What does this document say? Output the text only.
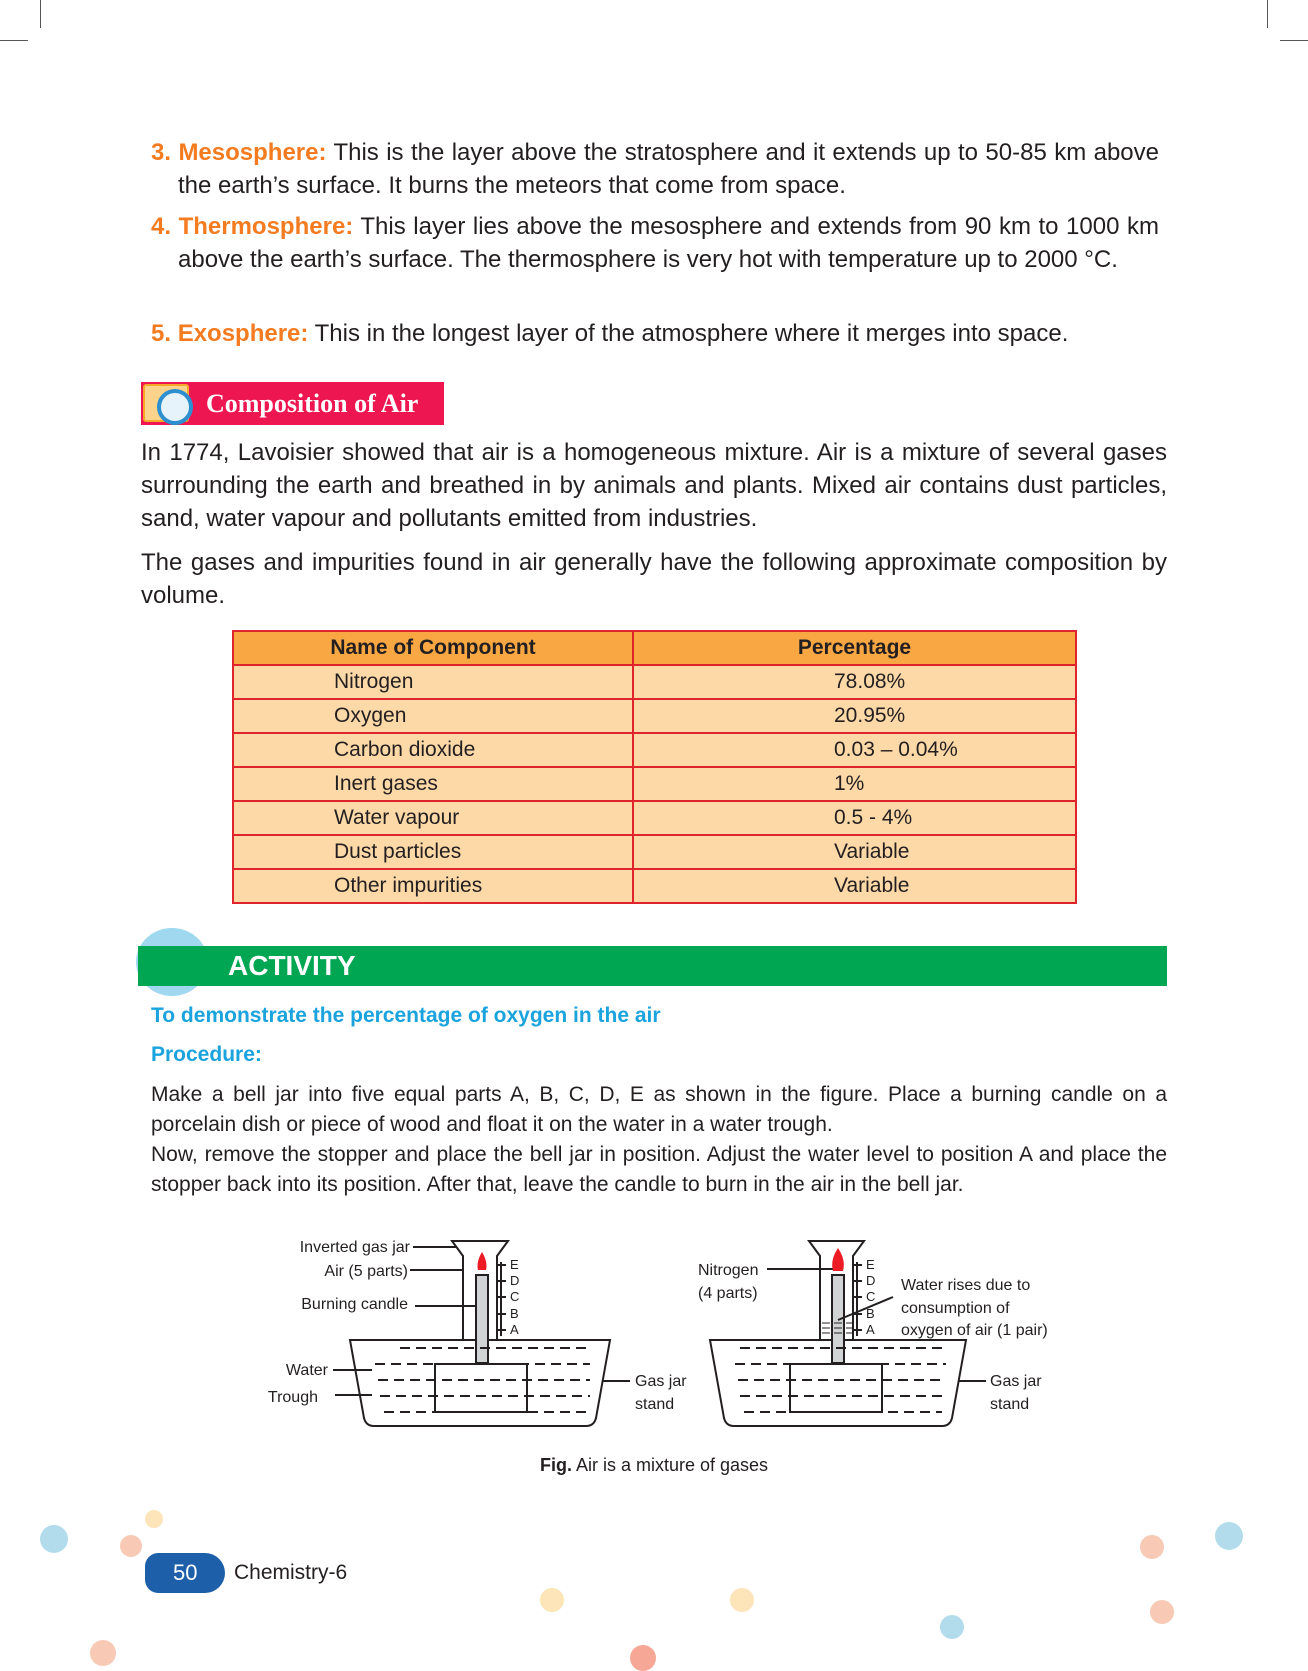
3. Mesosphere: This is the layer above the stratosphere and it extends up to 50-85 km above the earth’s surface. It burns the meteors that come from space.

4. Thermosphere: This layer lies above the mesosphere and extends from 90 km to 1000 km above the earth’s surface. The thermosphere is very hot with temperature up to 2000 °C.

5. Exosphere: This in the longest layer of the atmosphere where it merges into space.

Composition of Air

In 1774, Lavoisier showed that air is a homogeneous mixture. Air is a mixture of several gases surrounding the earth and breathed in by animals and plants. Mixed air contains dust particles, sand, water vapour and pollutants emitted from industries.

The gases and impurities found in air generally have the following approximate composition by volume.

Name of Component	Percentage
Nitrogen	78.08%
Oxygen	20.95%
Carbon dioxide	0.03 – 0.04%
Inert gases	1%
Water vapour	0.5 - 4%
Dust particles	Variable
Other impurities	Variable
ACTIVITY
To demonstrate the percentage of oxygen in the air
Procedure:

Make a bell jar into five equal parts A, B, C, D, E as shown in the figure. Place a burning candle on a porcelain dish or piece of wood and float it on the water in a water trough.

Now, remove the stopper and place the bell jar in position. Adjust the water level to position A and place the stopper back into its position. After that, leave the candle to burn in the air in the bell jar.

Inverted gas jar
Air (5 parts)
Burning candle
Water
Trough
Gas jar
stand
E
D
C
B
A
Nitrogen
(4 parts)	Water rises due to
consumption of
oxygen of air (1 pair)
Gas jar
stand
E
D
C
B
A
Fig. Air is a mixture of gases
50	Chemistry-6
